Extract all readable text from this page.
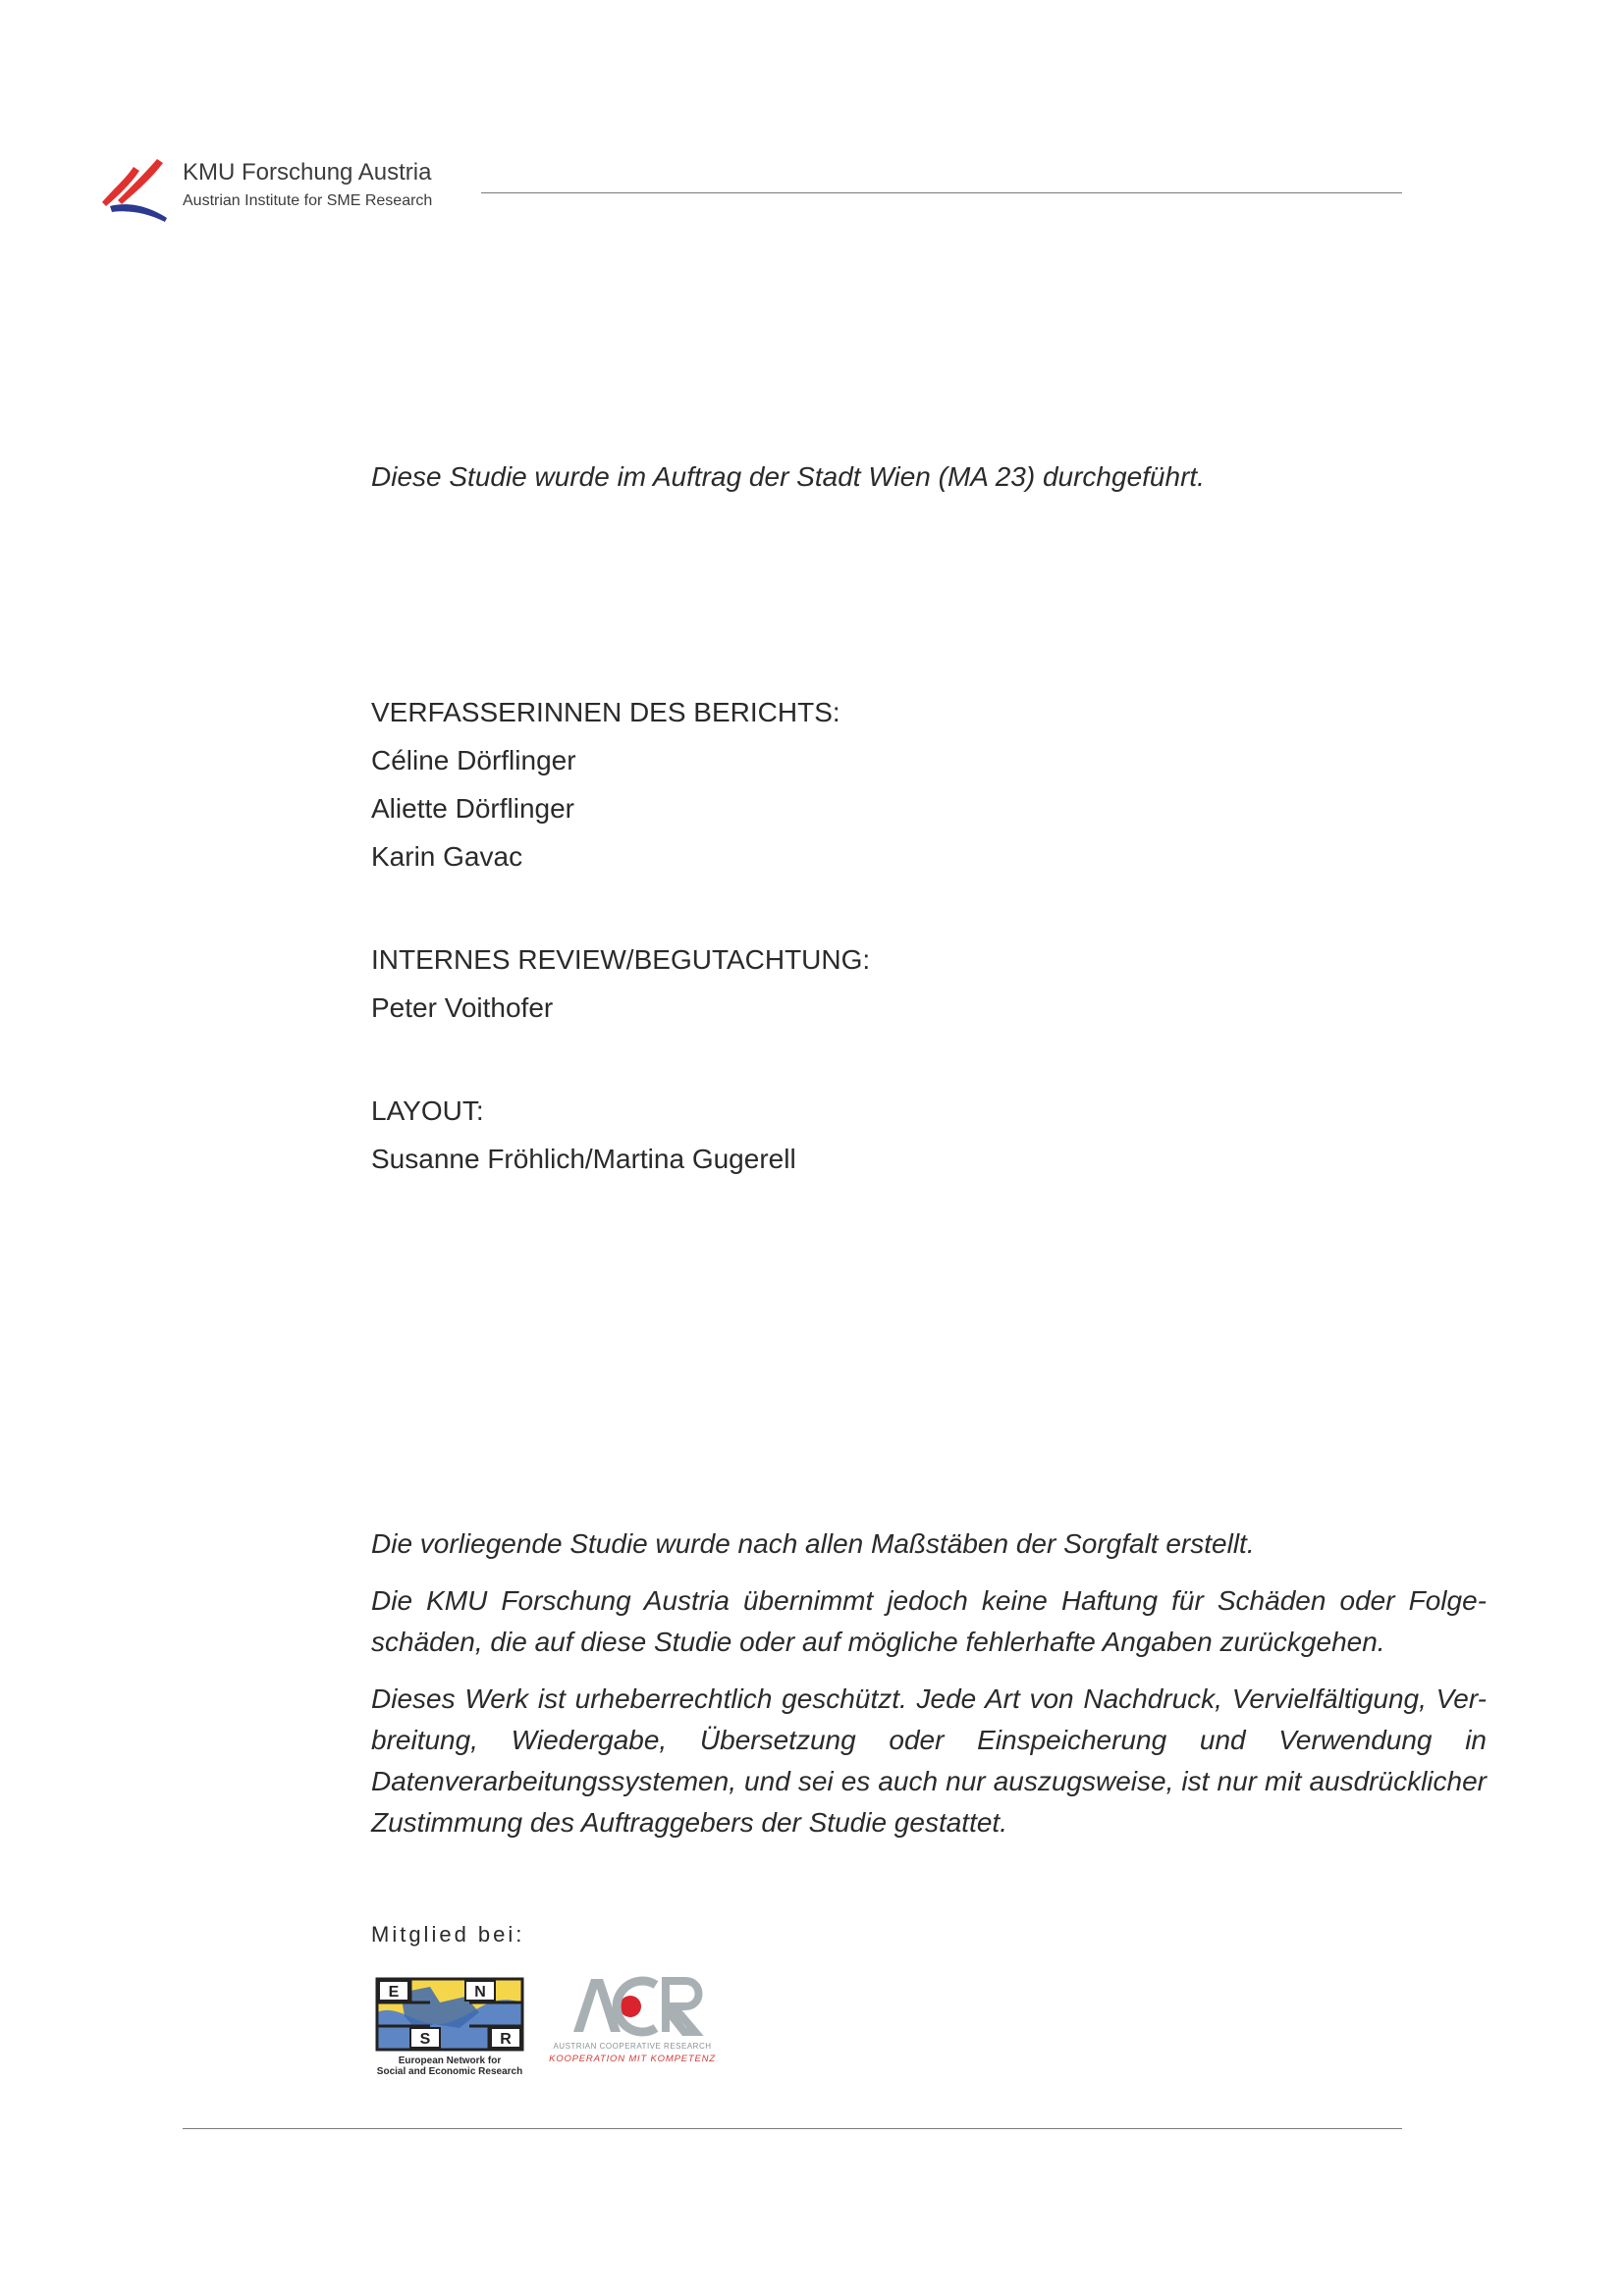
KMU Forschung Austria
Austrian Institute for SME Research
Diese Studie wurde im Auftrag der Stadt Wien (MA 23) durchgeführt.
VERFASSERINNEN DES BERICHTS:
Céline Dörflinger
Aliette Dörflinger
Karin Gavac
INTERNES REVIEW/BEGUTACHTUNG:
Peter Voithofer
LAYOUT:
Susanne Fröhlich/Martina Gugerell

Die vorliegende Studie wurde nach allen Maßstäben der Sorgfalt erstellt.

Die KMU Forschung Austria übernimmt jedoch keine Haftung für Schäden oder Folge-schäden, die auf diese Studie oder auf mögliche fehlerhafte Angaben zurückgehen.

Dieses Werk ist urheberrechtlich geschützt. Jede Art von Nachdruck, Vervielfältigung, Ver-breitung, Wiedergabe, Übersetzung oder Einspeicherung und Verwendung in Datenverarbeitungssystemen, und sei es auch nur auszugsweise, ist nur mit ausdrücklicher Zustimmung des Auftraggebers der Studie gestattet.

Mitglied bei:
E	N
S	R
European Network for
Social and Economic Research
AUSTRIAN COOPERATIVE RESEARCH
KOOPERATION MIT KOMPETENZ
